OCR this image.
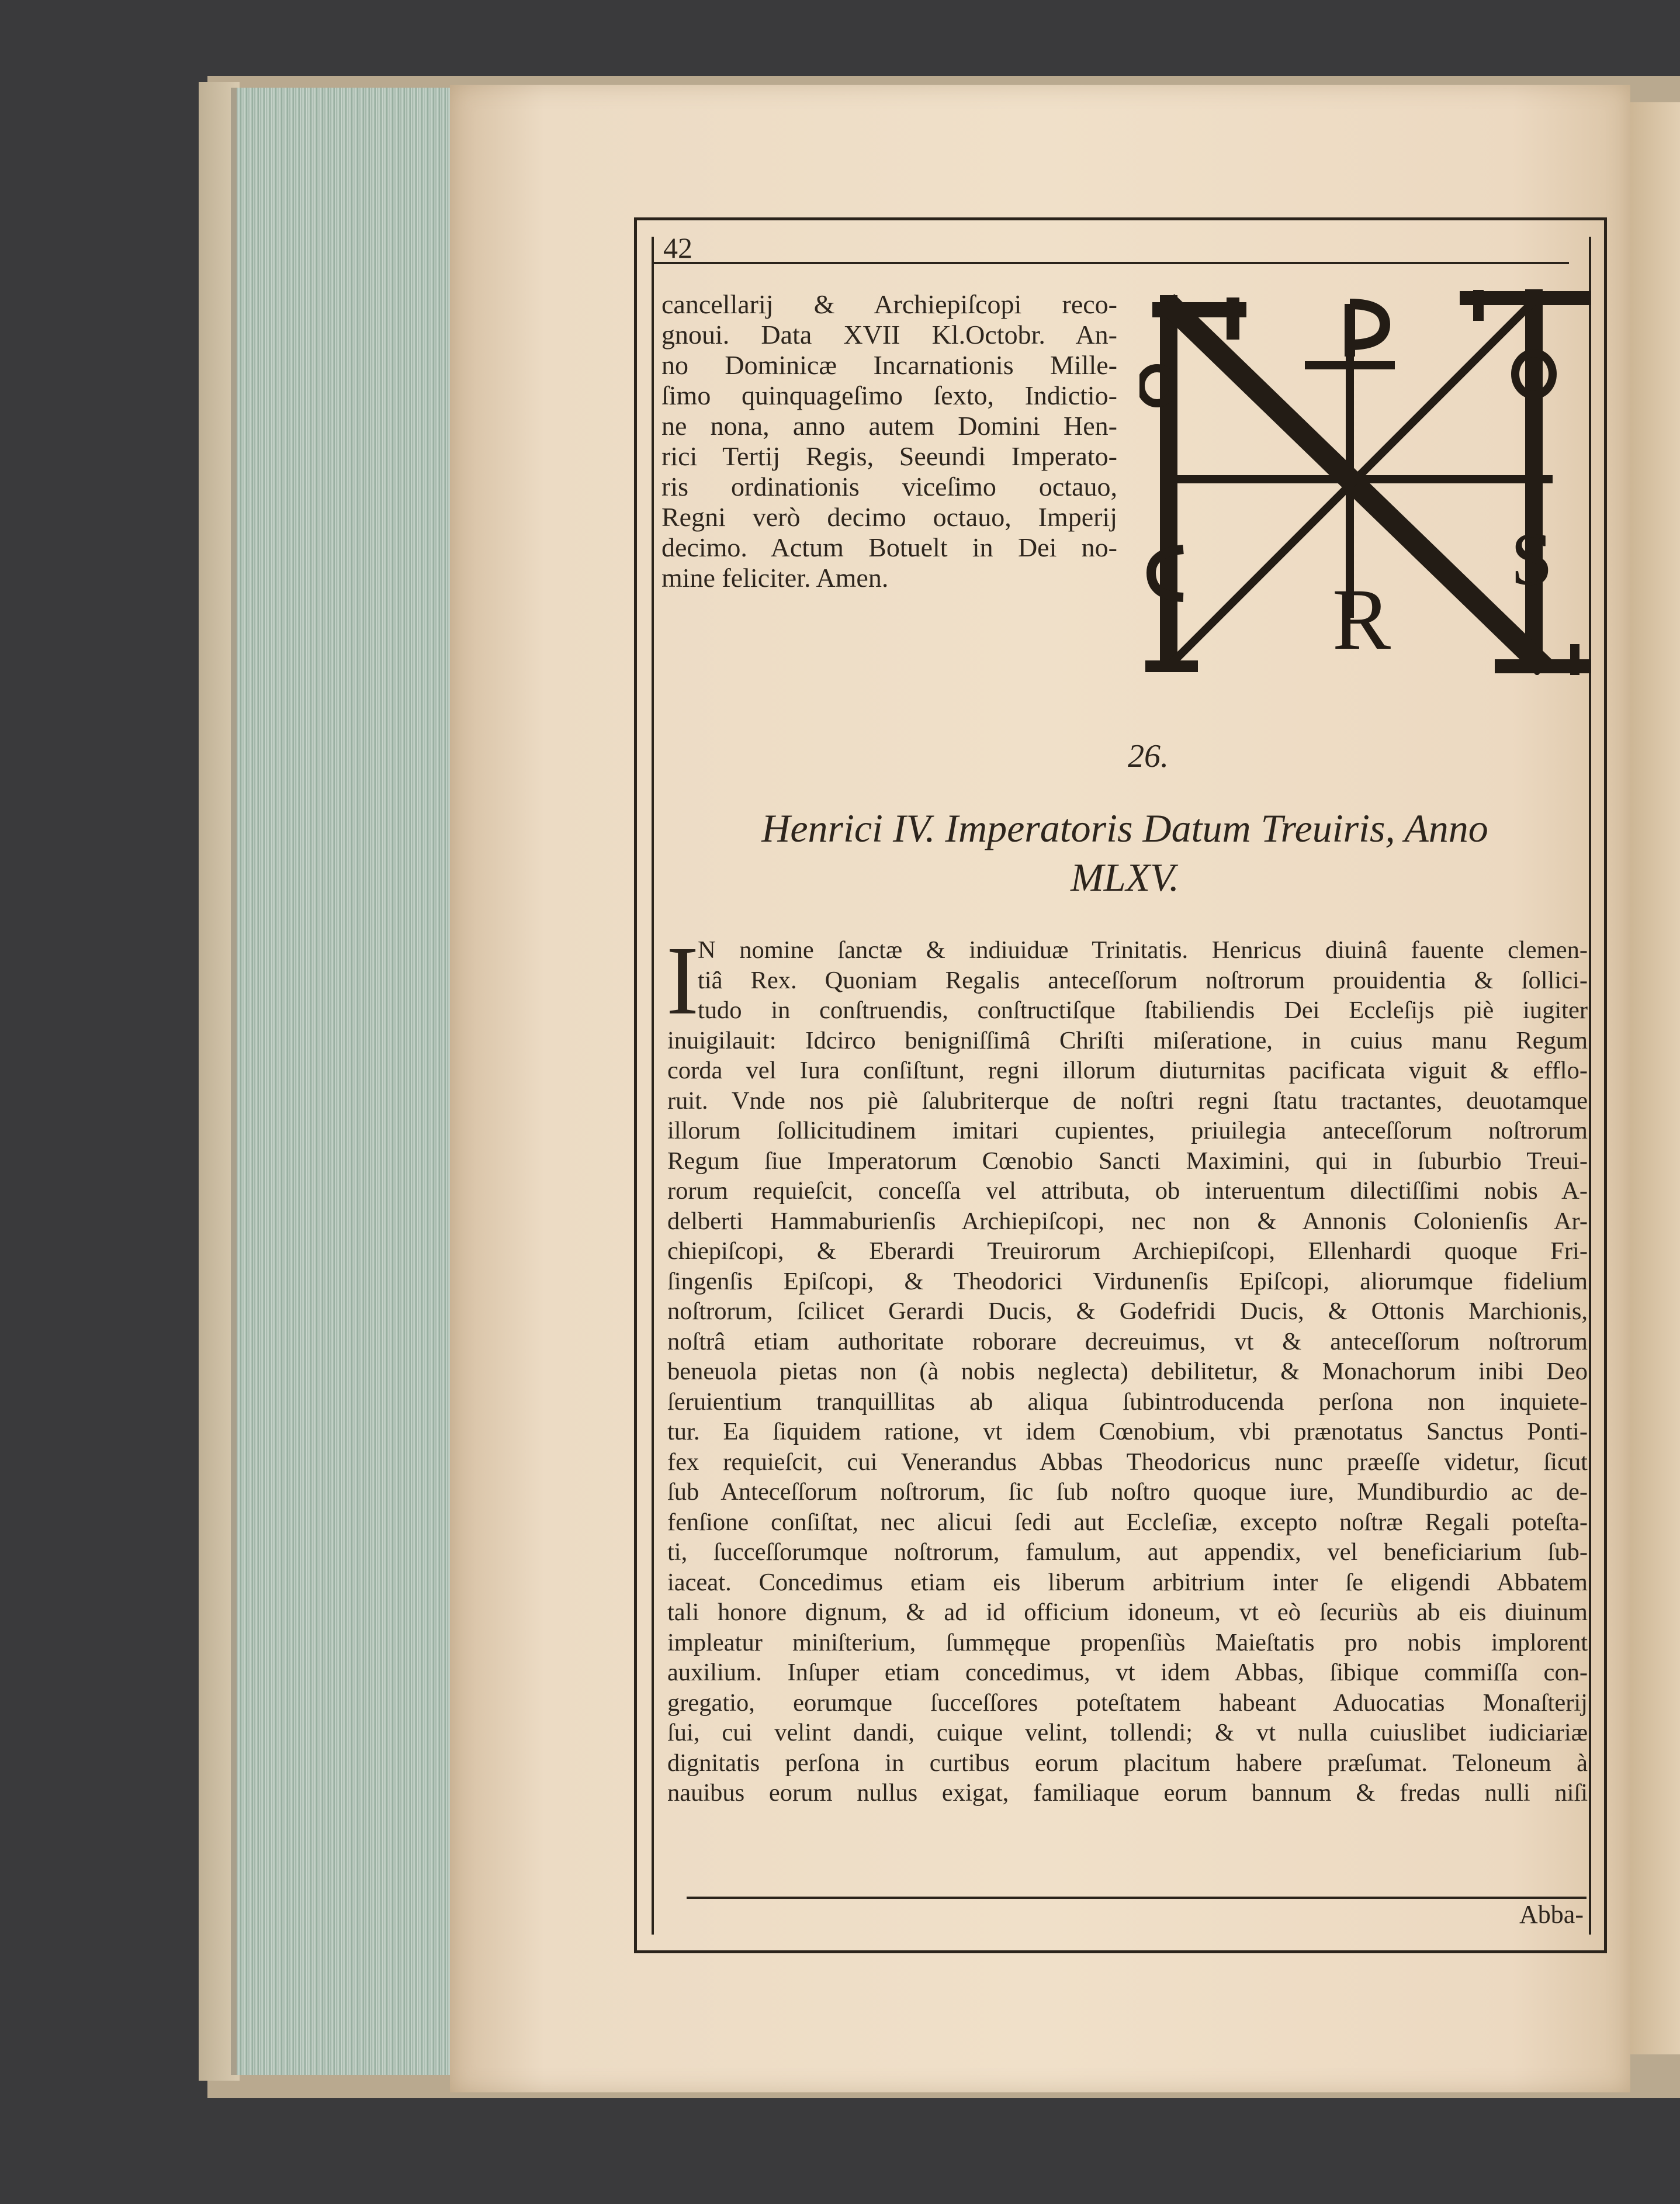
42
cancellarij & Archiepiſcopi reco-
gnoui. Data XVII Kl.Octobr. An-
no Dominicæ Incarnationis Mille-
ſimo quinquageſimo ſexto, Indictio-
ne nona, anno autem Domini Hen-
rici Tertij Regis, Seeundi Imperato-
ris ordinationis viceſimo octauo,
Regni verò decimo octauo, Imperij
decimo. Actum Botuelt in Dei no-
mine feliciter. Amen.	R
S
P
26.
Henrici IV. Imperatoris Datum Treuiris, Anno
MLXV.
I
N nomine ſanctæ & indiuiduæ Trinitatis. Henricus diuinâ fauente clemen-
tiâ Rex. Quoniam Regalis anteceſſorum noſtrorum prouidentia & ſollici-
tudo in conſtruendis, conſtructiſque ſtabiliendis Dei Eccleſijs piè iugiter
inuigilauit: Idcirco benigniſſimâ Chriſti miſeratione, in cuius manu Regum
corda vel Iura conſiſtunt, regni illorum diuturnitas pacificata viguit & efflo-
ruit. Vnde nos piè ſalubriterque de noſtri regni ſtatu tractantes, deuotamque
illorum ſollicitudinem imitari cupientes, priuilegia anteceſſorum noſtrorum
Regum ſiue Imperatorum Cœnobio Sancti Maximini, qui in ſuburbio Treui-
rorum requieſcit, conceſſa vel attributa, ob interuentum dilectiſſimi nobis A-
delberti Hammaburienſis Archiepiſcopi, nec non & Annonis Colonienſis Ar-
chiepiſcopi, & Eberardi Treuirorum Archiepiſcopi, Ellenhardi quoque Fri-
ſingenſis Epiſcopi, & Theodorici Virdunenſis Epiſcopi, aliorumque fidelium
noſtrorum, ſcilicet Gerardi Ducis, & Godefridi Ducis, & Ottonis Marchionis,
noſtrâ etiam authoritate roborare decreuimus, vt & anteceſſorum noſtrorum
beneuola pietas non (à nobis neglecta) debilitetur, & Monachorum inibi Deo
ſeruientium tranquillitas ab aliqua ſubintroducenda perſona non inquiete-
tur. Ea ſiquidem ratione, vt idem Cœnobium, vbi prænotatus Sanctus Ponti-
fex requieſcit, cui Venerandus Abbas Theodoricus nunc præeſſe videtur, ſicut
ſub Anteceſſorum noſtrorum, ſic ſub noſtro quoque iure, Mundiburdio ac de-
fenſione conſiſtat, nec alicui ſedi aut Eccleſiæ, excepto noſtræ Regali poteſta-
ti, ſucceſſorumque noſtrorum, famulum, aut appendix, vel beneficiarium ſub-
iaceat. Concedimus etiam eis liberum arbitrium inter ſe eligendi Abbatem
tali honore dignum, & ad id officium idoneum, vt eò ſecuriùs ab eis diuinum
impleatur miniſterium, ſummęque propenſiùs Maieſtatis pro nobis implorent
auxilium. Inſuper etiam concedimus, vt idem Abbas, ſibique commiſſa con-
gregatio, eorumque ſucceſſores poteſtatem habeant Aduocatias Monaſterij
ſui, cui velint dandi, cuique velint, tollendi; & vt nulla cuiuslibet iudiciariæ
dignitatis perſona in curtibus eorum placitum habere præſumat. Teloneum à
nauibus eorum nullus exigat, familiaque eorum bannum & fredas nulli niſi
Abba-
